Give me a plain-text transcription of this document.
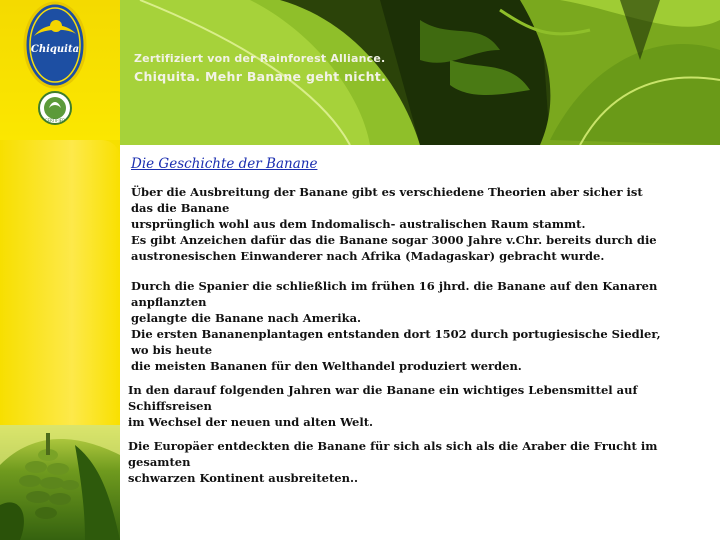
Chiquita
CERTIFIED
Zertifiziert von der Rainforest Alliance.
Chiquita. Mehr Banane geht nicht.
Die Geschichte der Banane
Über die Ausbreitung der Banane gibt es verschiedene Theorien aber sicher ist das die Banane
ursprünglich wohl aus dem Indomalisch- australischen Raum stammt.
Es gibt Anzeichen dafür das die Banane sogar 3000 Jahre v.Chr. bereits durch die
austronesischen Einwanderer nach Afrika (Madagaskar) gebracht wurde.
Durch die Spanier die schließlich im frühen 16 jhrd. die Banane auf den Kanaren anpflanzten
gelangte die Banane nach Amerika.
Die ersten Bananenplantagen entstanden dort 1502 durch portugiesische Siedler, wo bis heute
die meisten Bananen für den Welthandel produziert werden.
In den darauf folgenden Jahren war die Banane ein wichtiges Lebensmittel auf Schiffsreisen
im Wechsel der neuen und alten Welt.
Die Europäer entdeckten die Banane für sich als sich als die Araber die Frucht im gesamten
schwarzen Kontinent ausbreiteten..
